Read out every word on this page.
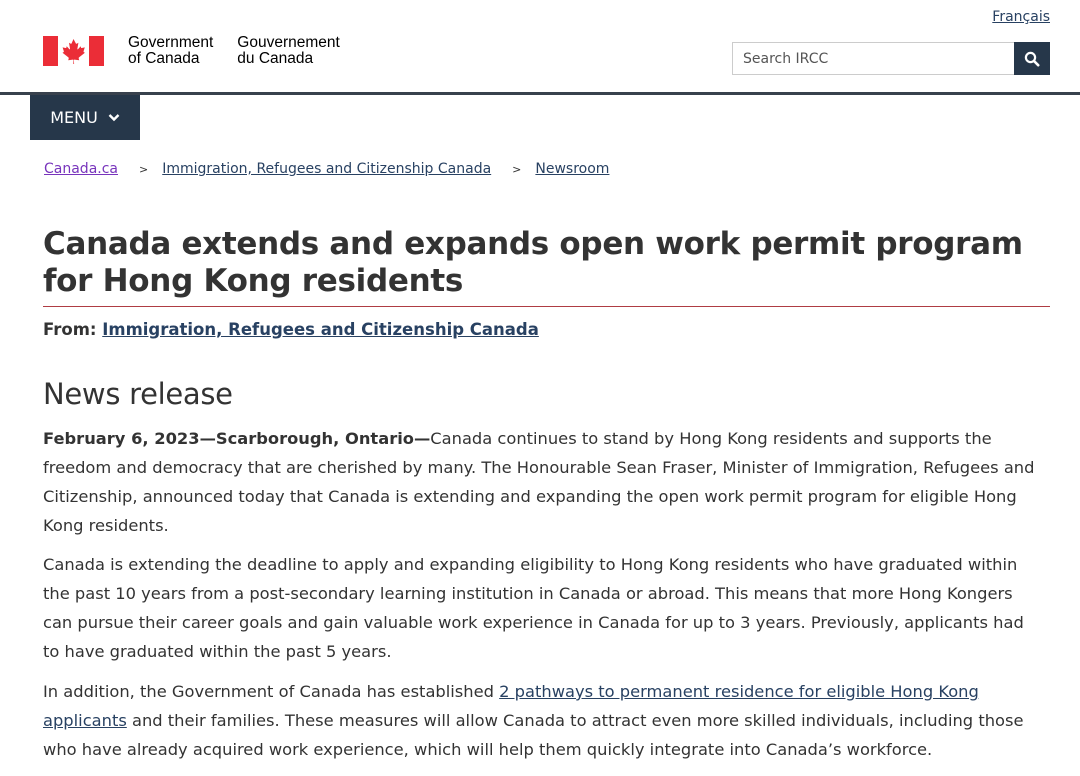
Français
Government
of Canada
Gouvernement
du Canada
Search IRCC
MENU
Canada.ca > Immigration, Refugees and Citizenship Canada > Newsroom
Canada extends and expands open work permit program for Hong Kong residents
From: Immigration, Refugees and Citizenship Canada
News release

February 6, 2023—Scarborough, Ontario—Canada continues to stand by Hong Kong residents and supports the freedom and democracy that are cherished by many. The Honourable Sean Fraser, Minister of Immigration, Refugees and Citizenship, announced today that Canada is extending and expanding the open work permit program for eligible Hong Kong residents.

Canada is extending the deadline to apply and expanding eligibility to Hong Kong residents who have graduated within the past 10 years from a post-secondary learning institution in Canada or abroad. This means that more Hong Kongers can pursue their career goals and gain valuable work experience in Canada for up to 3 years. Previously, applicants had to have graduated within the past 5 years.

In addition, the Government of Canada has established 2 pathways to permanent residence for eligible Hong Kong applicants and their families. These measures will allow Canada to attract even more skilled individuals, including those who have already acquired work experience, which will help them quickly integrate into Canada’s workforce.
